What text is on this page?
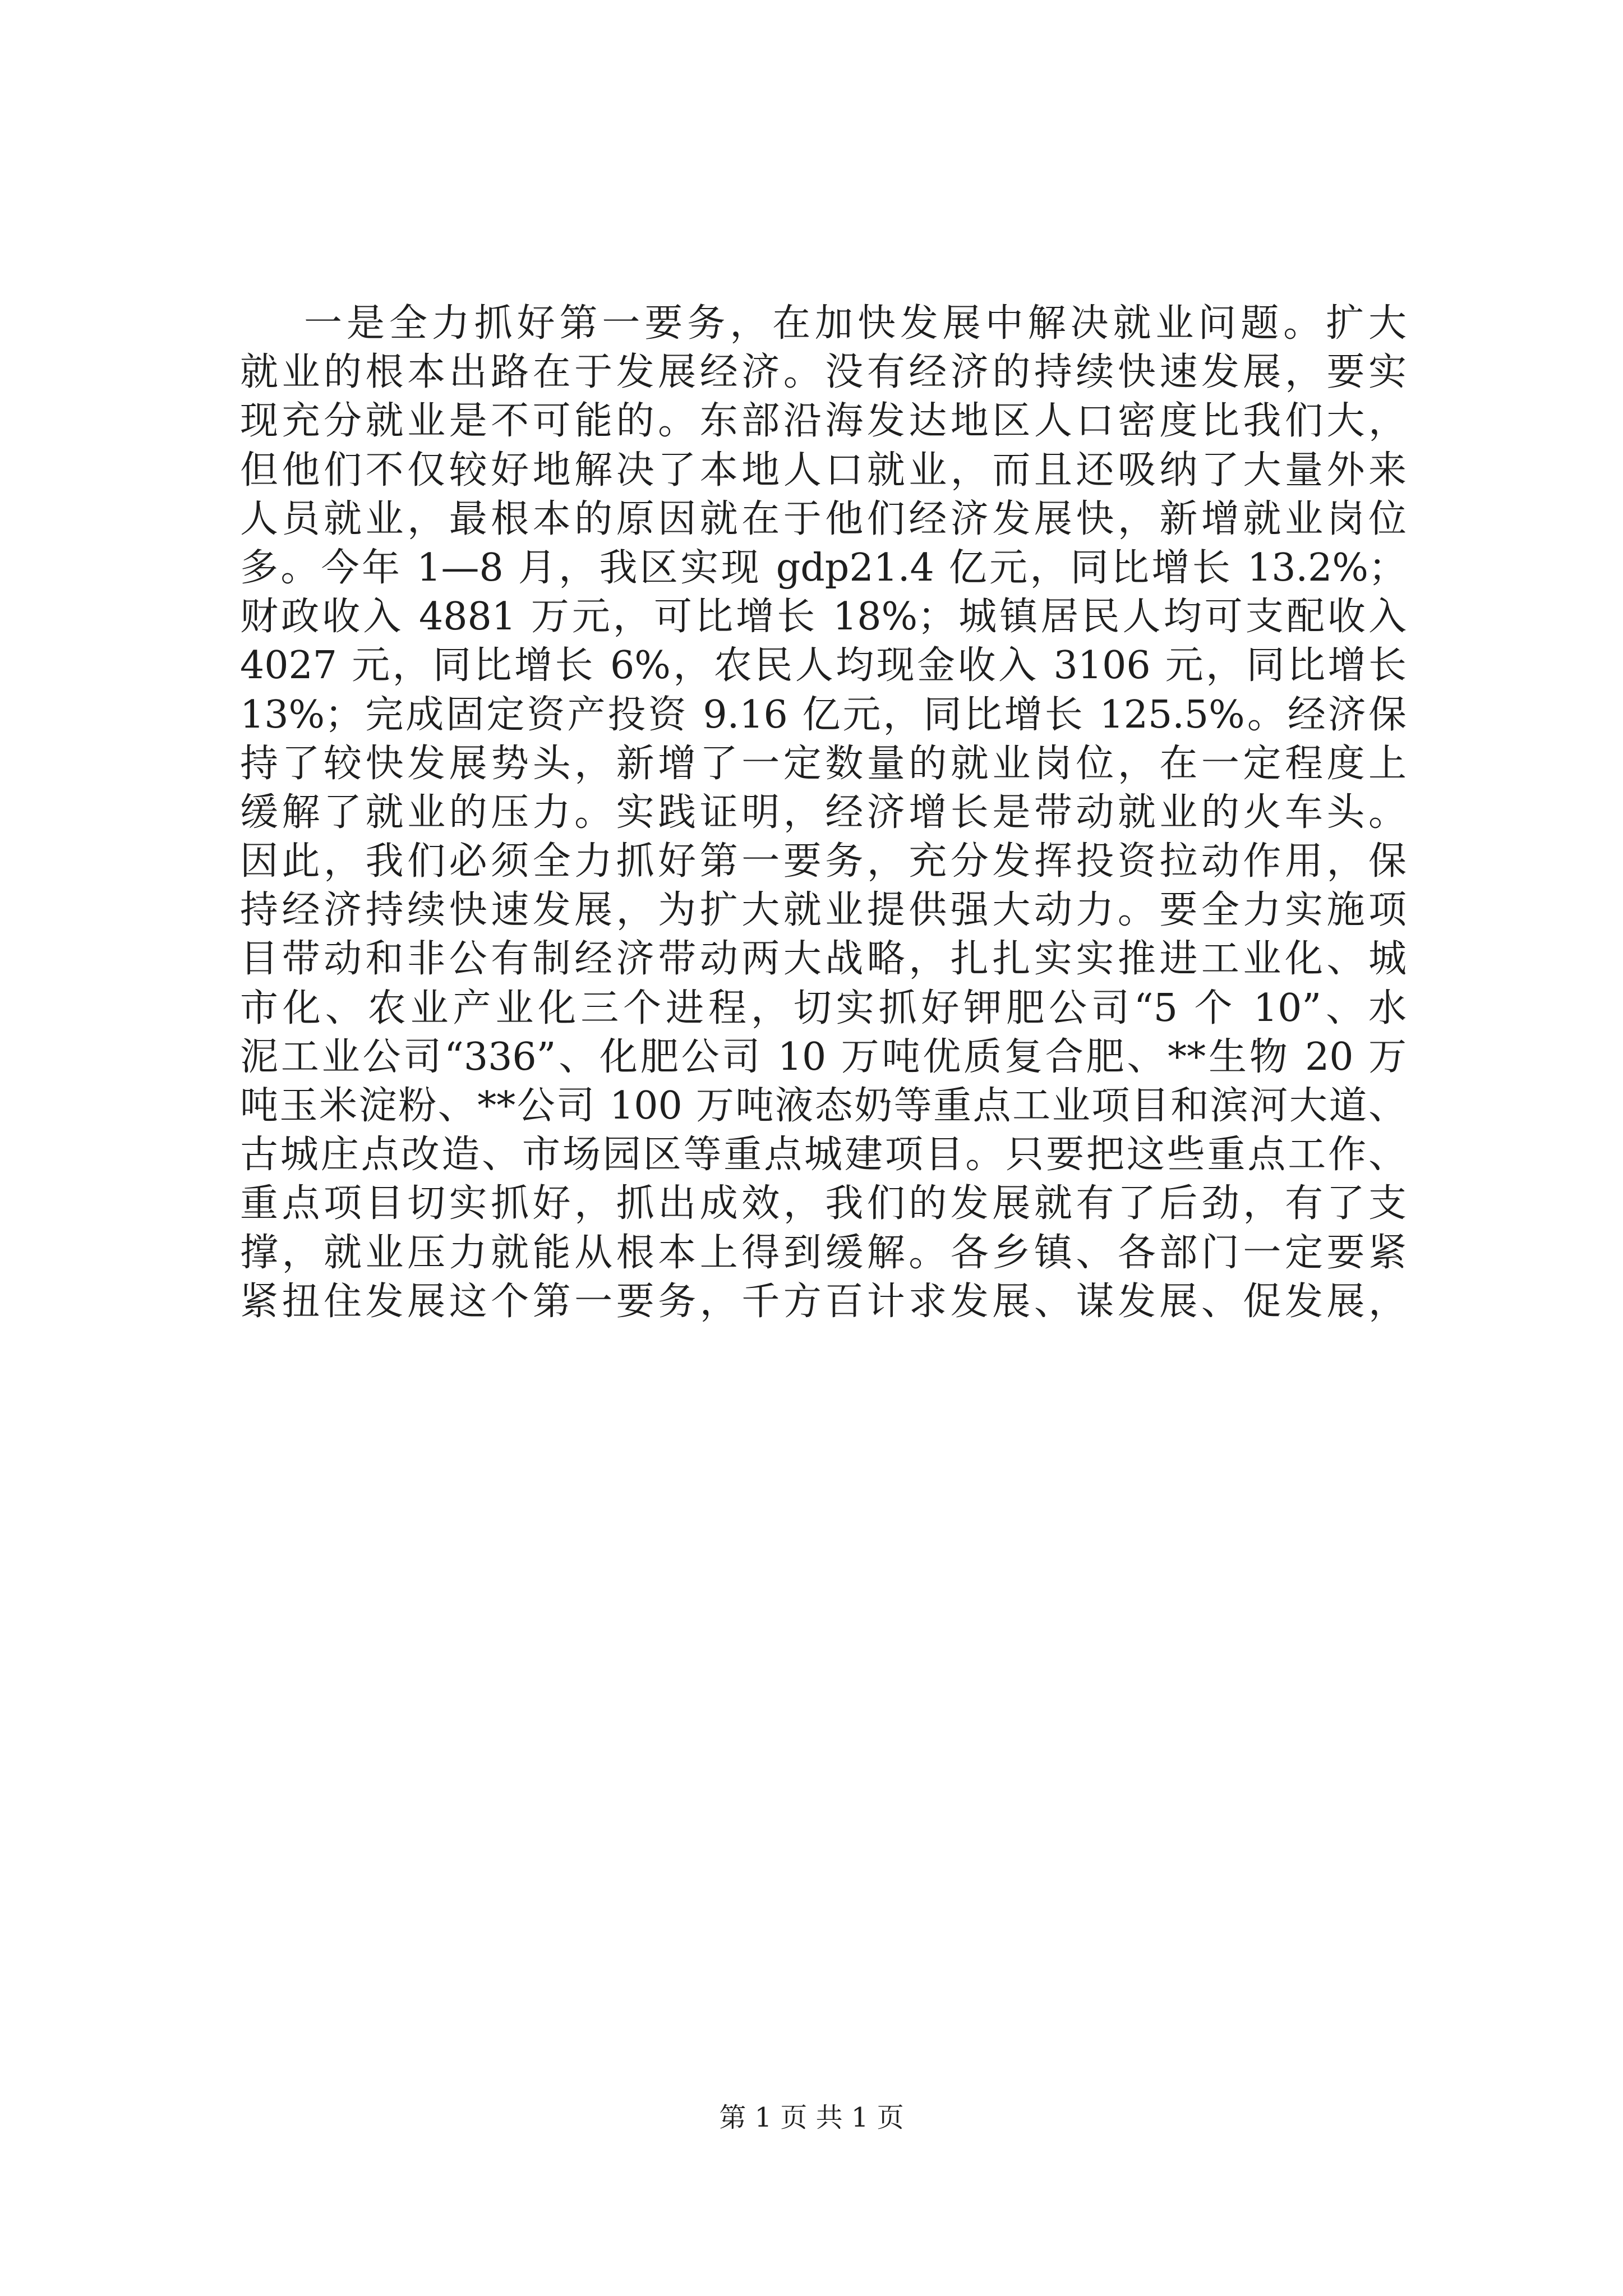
一是全力抓好第一要务，在加快发展中解决就业问题。扩大
就业的根本出路在于发展经济。没有经济的持续快速发展，要实
现充分就业是不可能的。东部沿海发达地区人口密度比我们大，
但他们不仅较好地解决了本地人口就业，而且还吸纳了大量外来
人员就业，最根本的原因就在于他们经济发展快，新增就业岗位
多。今年 1—8 月，我区实现 gdp21.4 亿元，同比增长 13.2%；
财政收入 4881 万元，可比增长 18%；城镇居民人均可支配收入
4027 元，同比增长 6%，农民人均现金收入 3106 元，同比增长
13%；完成固定资产投资 9.16 亿元，同比增长 125.5%。经济保
持了较快发展势头，新增了一定数量的就业岗位，在一定程度上
缓解了就业的压力。实践证明，经济增长是带动就业的火车头。
因此，我们必须全力抓好第一要务，充分发挥投资拉动作用，保
持经济持续快速发展，为扩大就业提供强大动力。要全力实施项
目带动和非公有制经济带动两大战略，扎扎实实推进工业化、城
市化、农业产业化三个进程，切实抓好钾肥公司“5 个 10”、水
泥工业公司“336”、化肥公司 10 万吨优质复合肥、**生物 20 万
吨玉米淀粉、**公司 100 万吨液态奶等重点工业项目和滨河大道、
古城庄点改造、市场园区等重点城建项目。只要把这些重点工作、
重点项目切实抓好，抓出成效，我们的发展就有了后劲，有了支
撑，就业压力就能从根本上得到缓解。各乡镇、各部门一定要紧
紧扭住发展这个第一要务，千方百计求发展、谋发展、促发展，
第 1 页 共 1 页
